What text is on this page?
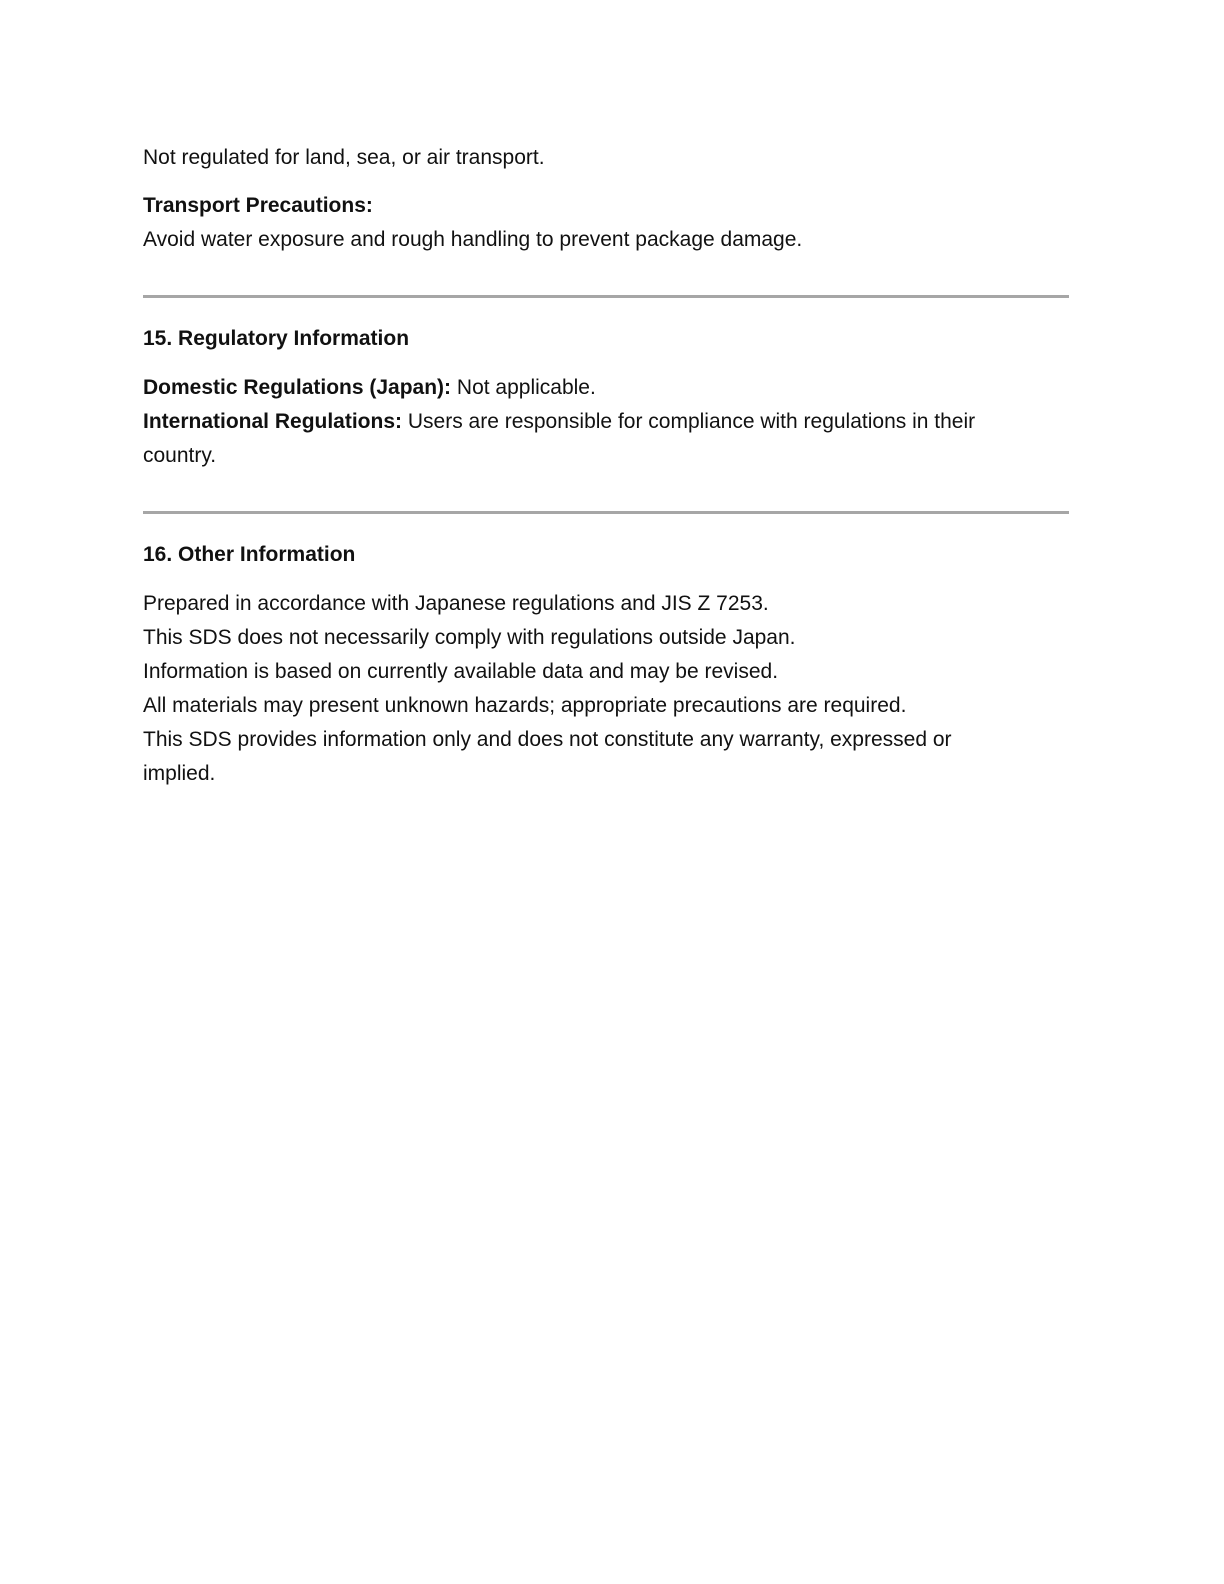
Not regulated for land, sea, or air transport.
Transport Precautions:
Avoid water exposure and rough handling to prevent package damage.
15. Regulatory Information
Domestic Regulations (Japan): Not applicable.
International Regulations: Users are responsible for compliance with regulations in their
country.
16. Other Information
Prepared in accordance with Japanese regulations and JIS Z 7253.
This SDS does not necessarily comply with regulations outside Japan.
Information is based on currently available data and may be revised.
All materials may present unknown hazards; appropriate precautions are required.
This SDS provides information only and does not constitute any warranty, expressed or
implied.
